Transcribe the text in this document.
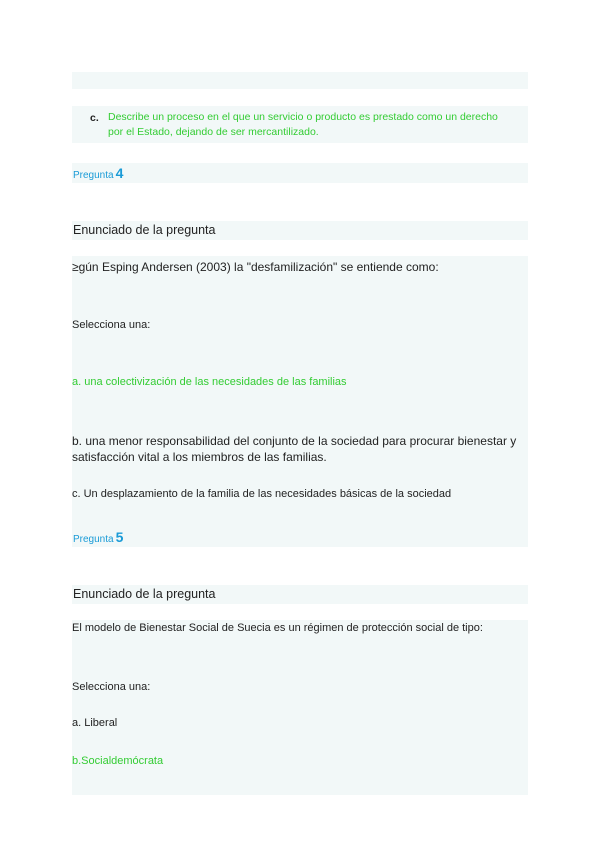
c. Describe un proceso en el que un servicio o producto es prestado como un derecho
por el Estado, dejando de ser mercantilizado.
Pregunta 4
Enunciado de la pregunta
≥gún Esping Andersen (2003) la "desfamilización" se entiende como:
Selecciona una:
a. una colectivización de las necesidades de las familias
b. una menor responsabilidad del conjunto de la sociedad para procurar bienestar y
satisfacción vital a los miembros de las familias.
c. Un desplazamiento de la familia de las necesidades básicas de la sociedad
Pregunta 5
Enunciado de la pregunta
El modelo de Bienestar Social de Suecia es un régimen de protección social de tipo:
Selecciona una:
a. Liberal
b.Socialdemócrata
